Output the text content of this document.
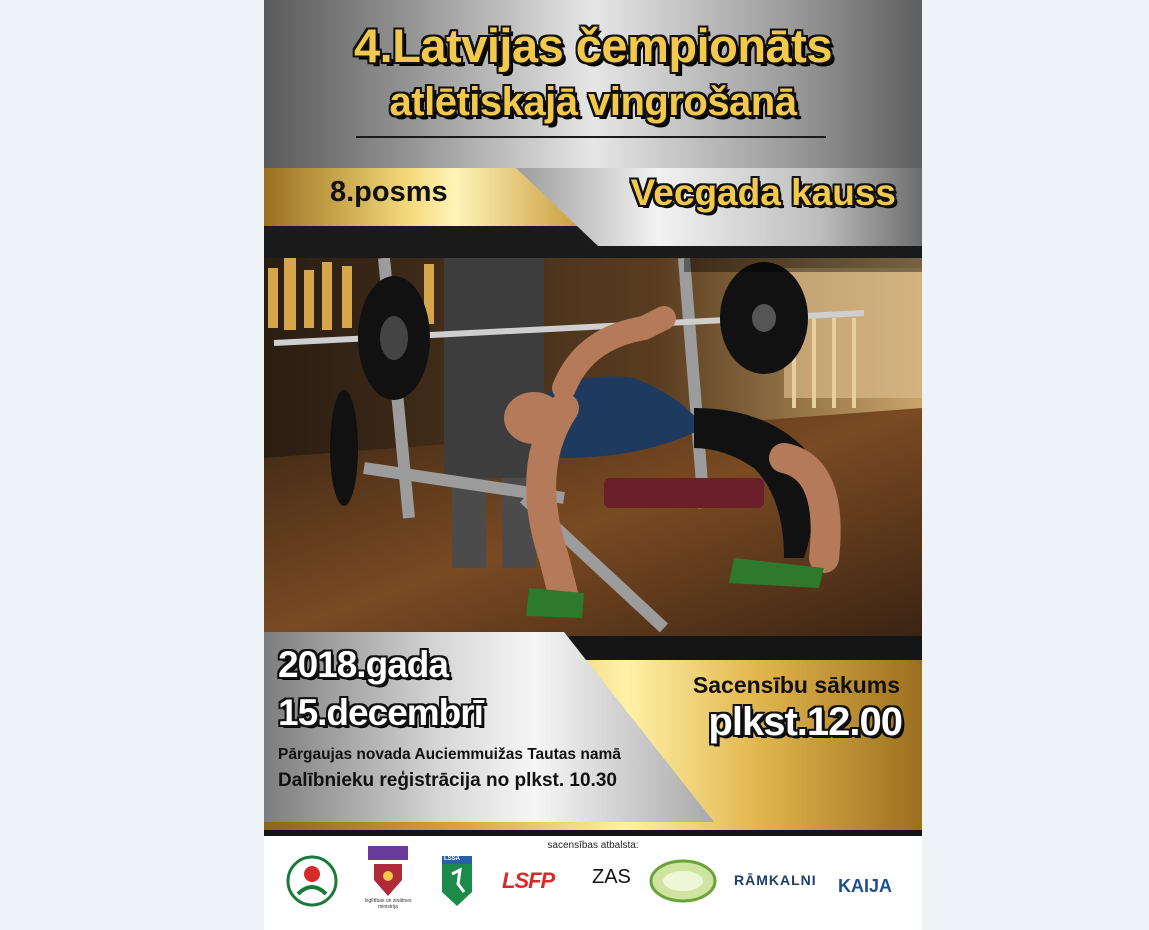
4.Latvijas čempionāts
atlētiskajā vingrošanā
8.posms	Vecgada kauss
2018.gada
15.decembrī
Pārgaujas novada Auciemmuižas Tautas namā
Dalībnieku reģistrācija no plkst. 10.30
Sacensību sākums
plkst.12.00
sacensības atbalsta:
Izglītības un zinātnes ministrija
LSSA
LSFP ZAS	RĀMKALNI KAIJA
